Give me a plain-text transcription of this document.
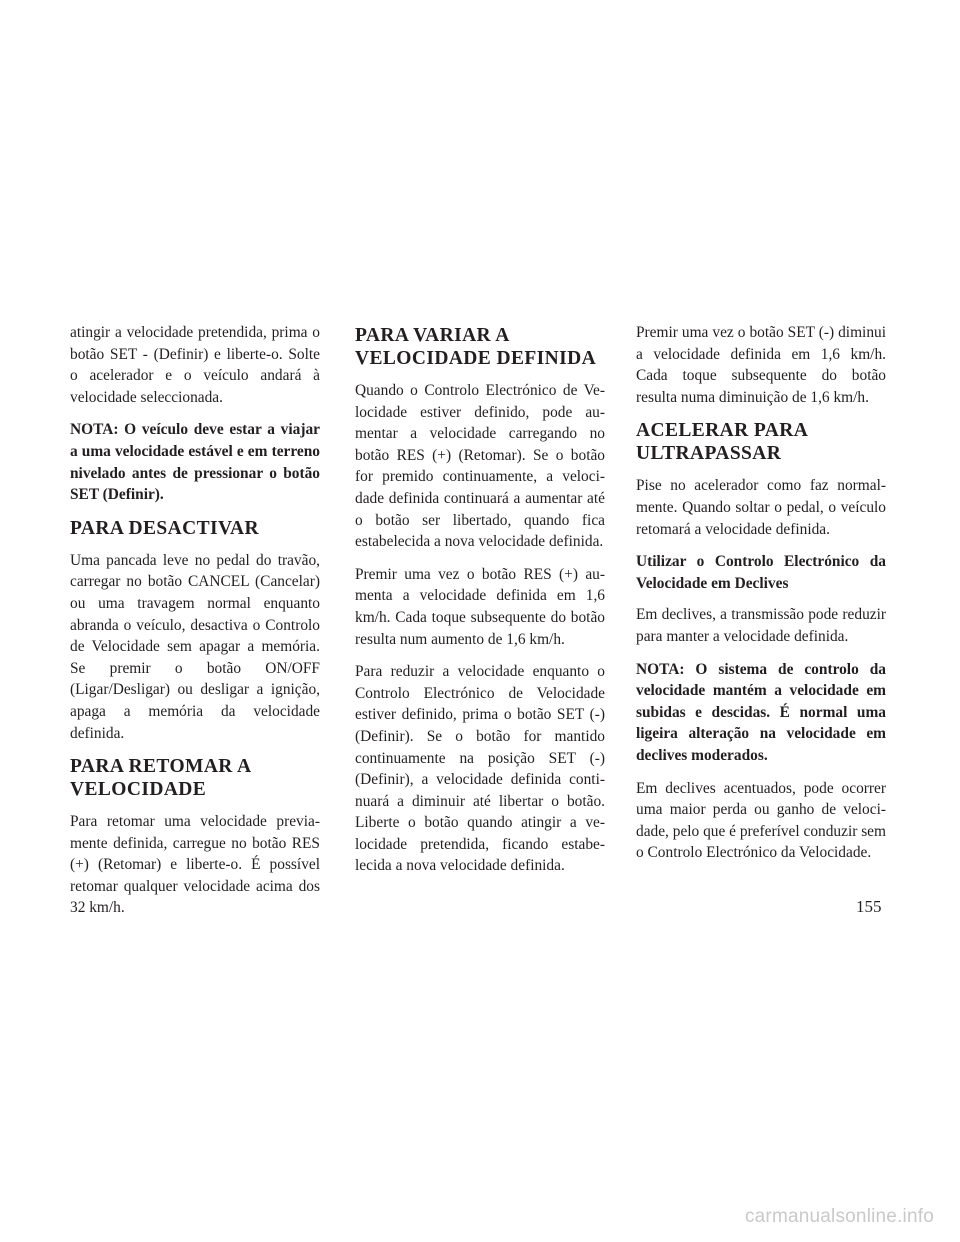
atingir a velocidade pretendida, prima o botão SET - (Definir) e liberte-o. Solte o acelerador e o veículo andará à velocidade seleccionada.

NOTA: O veículo deve estar a viajar a uma velocidade estável e em terreno nivelado antes de pressionar o botão SET (Definir).

PARA DESACTIVAR

Uma pancada leve no pedal do travão, carregar no botão CANCEL (Cancelar) ou uma travagem normal enquanto abranda o veículo, desactiva o Controlo de Velocidade sem apagar a memória. Se premir o botão ON/OFF (Ligar/Desligar) ou desligar a ignição, apaga a memória da velocidade definida.

PARA RETOMAR A VELOCIDADE

Para retomar uma velocidade previamente definida, carregue no botão RES (+) (Retomar) e liberte-o. É possível retomar qualquer velocidade acima dos 32 km/h.

PARA VARIAR A VELOCIDADE DEFINIDA

Quando o Controlo Electrónico de Velocidade estiver definido, pode aumentar a velocidade carregando no botão RES (+) (Retomar). Se o botão for premido continuamente, a velocidade definida continuará a aumentar até o botão ser libertado, quando fica estabelecida a nova velocidade definida.

Premir uma vez o botão RES (+) aumenta a velocidade definida em 1,6 km/h. Cada toque subsequente do botão resulta num aumento de 1,6 km/h.

Para reduzir a velocidade enquanto o Controlo Electrónico de Velocidade estiver definido, prima o botão SET (-) (Definir). Se o botão for mantido continuamente na posição SET (-) (Definir), a velocidade definida continuará a diminuir até libertar o botão. Liberte o botão quando atingir a velocidade pretendida, ficando estabelecida a nova velocidade definida.

Premir uma vez o botão SET (-) diminui a velocidade definida em 1,6 km/h. Cada toque subsequente do botão resulta numa diminuição de 1,6 km/h.

ACELERAR PARA ULTRAPASSAR

Pise no acelerador como faz normalmente. Quando soltar o pedal, o veículo retomará a velocidade definida.

Utilizar o Controlo Electrónico da Velocidade em Declives

Em declives, a transmissão pode reduzir para manter a velocidade definida.

NOTA: O sistema de controlo da velocidade mantém a velocidade em subidas e descidas. É normal uma ligeira alteração na velocidade em declives moderados.

Em declives acentuados, pode ocorrer uma maior perda ou ganho de velocidade, pelo que é preferível conduzir sem o Controlo Electrónico da Velocidade.

155
carmanualsonline.info
